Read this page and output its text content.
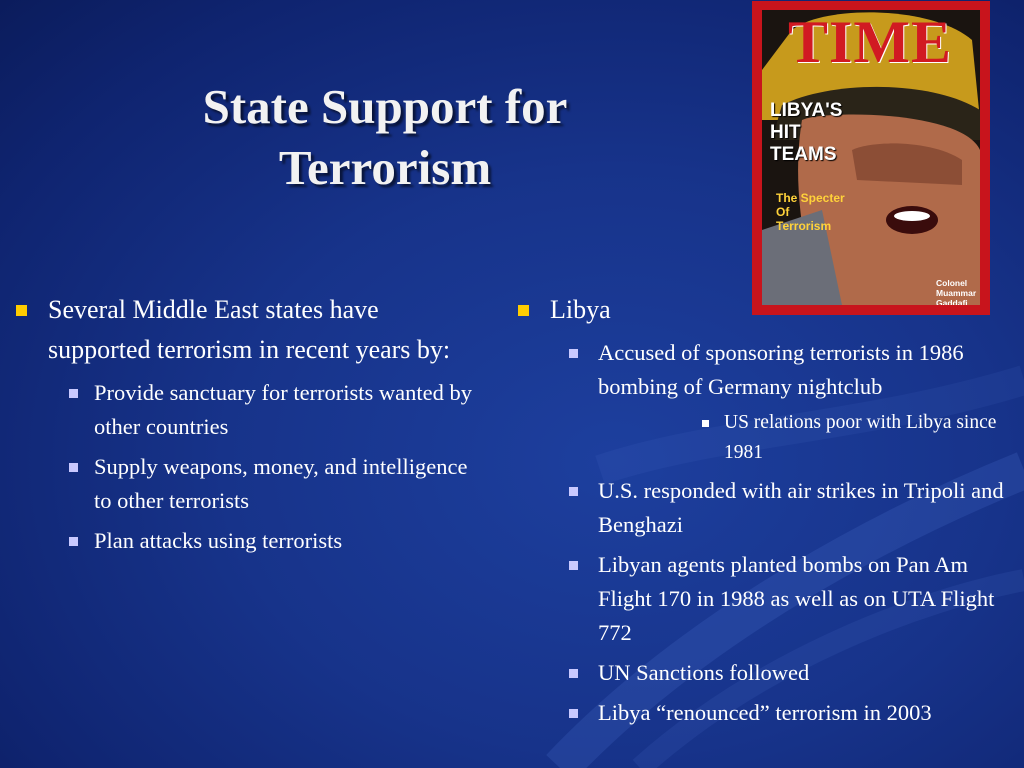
State Support for Terrorism
TIME
LIBYA'S HIT TEAMS
The Specter Of Terrorism
Colonel Muammar Gaddafi
Several Middle East states have supported terrorism in recent years by:
Provide sanctuary for terrorists wanted by other countries
Supply weapons, money, and intelligence to other terrorists
Plan attacks using terrorists
Libya
Accused of sponsoring terrorists in 1986 bombing of Germany nightclub
US relations poor with Libya since 1981
U.S. responded with air strikes in Tripoli and Benghazi
Libyan agents planted bombs on Pan Am Flight 170 in 1988 as well as on UTA Flight 772
UN Sanctions followed
Libya “renounced” terrorism in 2003
